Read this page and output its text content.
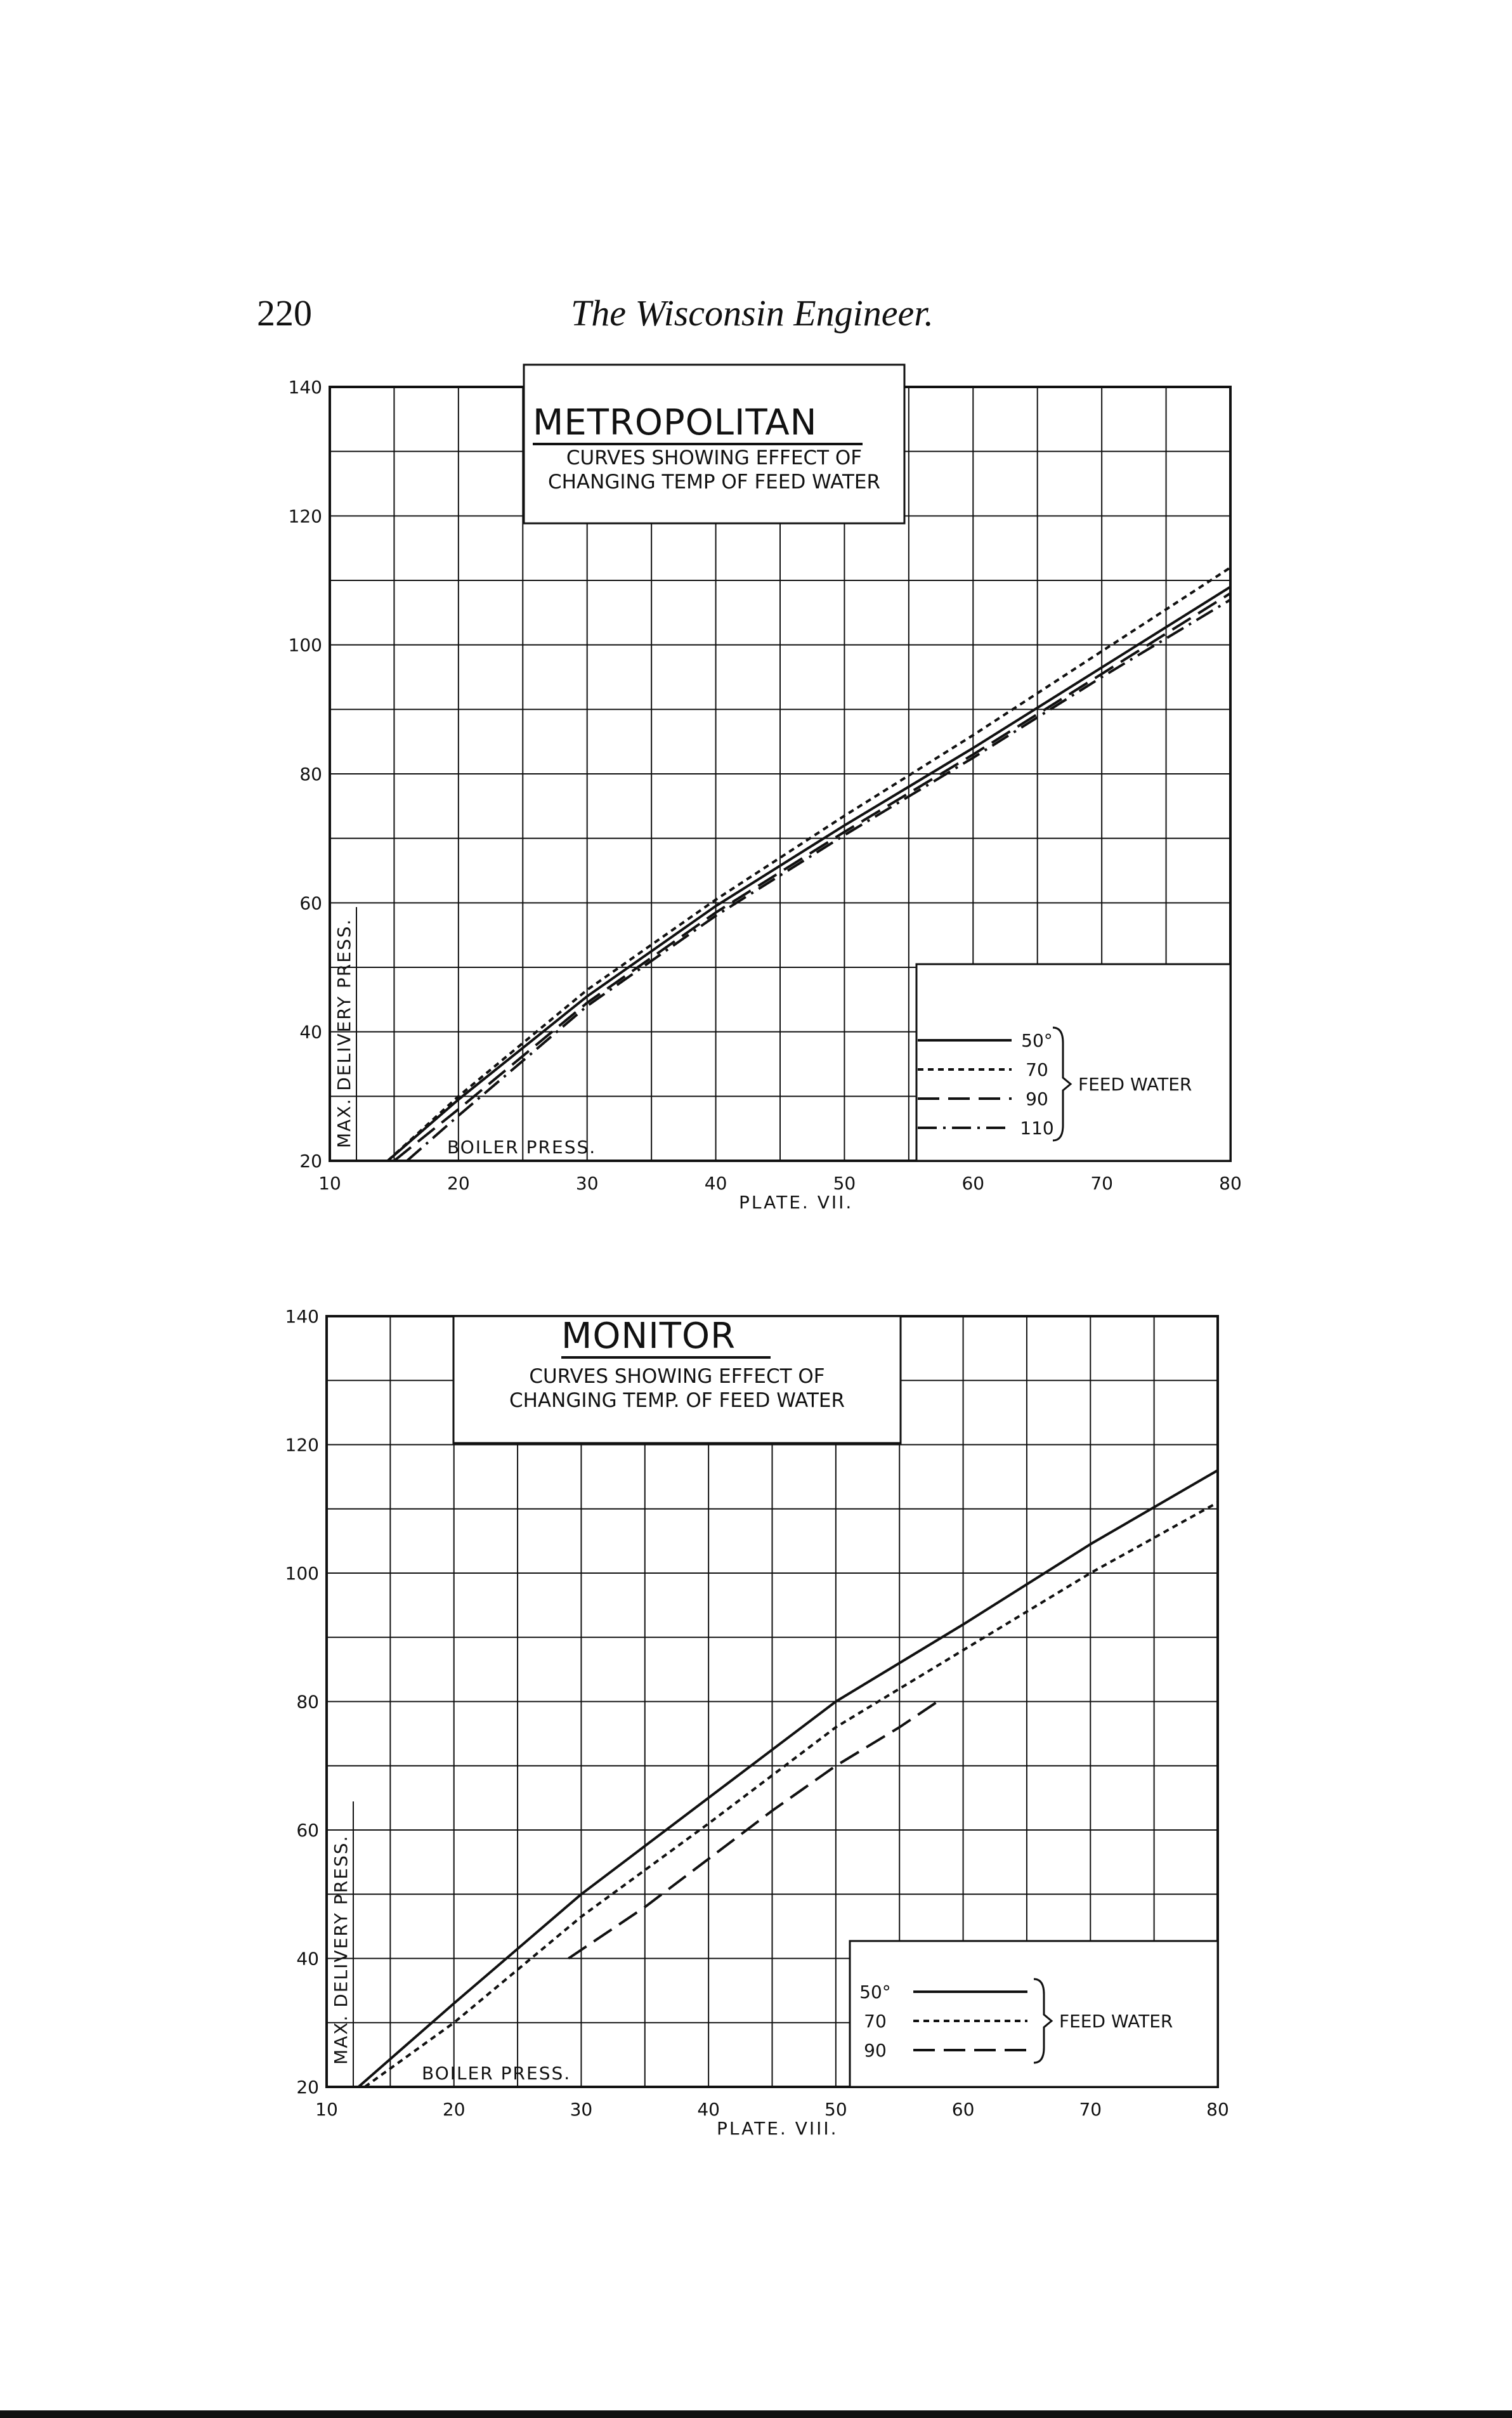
220	The Wisconsin Engineer.
10	20	30	40	50	60	70	80
20
40
60
80
100
120
140
METROPOLITAN
CURVES SHOWING EFFECT OF
CHANGING TEMP OF FEED WATER
50°
70
90
110
FEED WATER
BOILER PRESS.
MAX. DELIVERY PRESS.
PLATE. VII.
10	20	30	40	50	60	70	80
20
40
60
80
100
120
140	MONITOR
CURVES SHOWING EFFECT OF
CHANGING TEMP. OF FEED WATER
50°
70
90
FEED WATER
BOILER PRESS.
MAX. DELIVERY PRESS.
PLATE. VIII.
